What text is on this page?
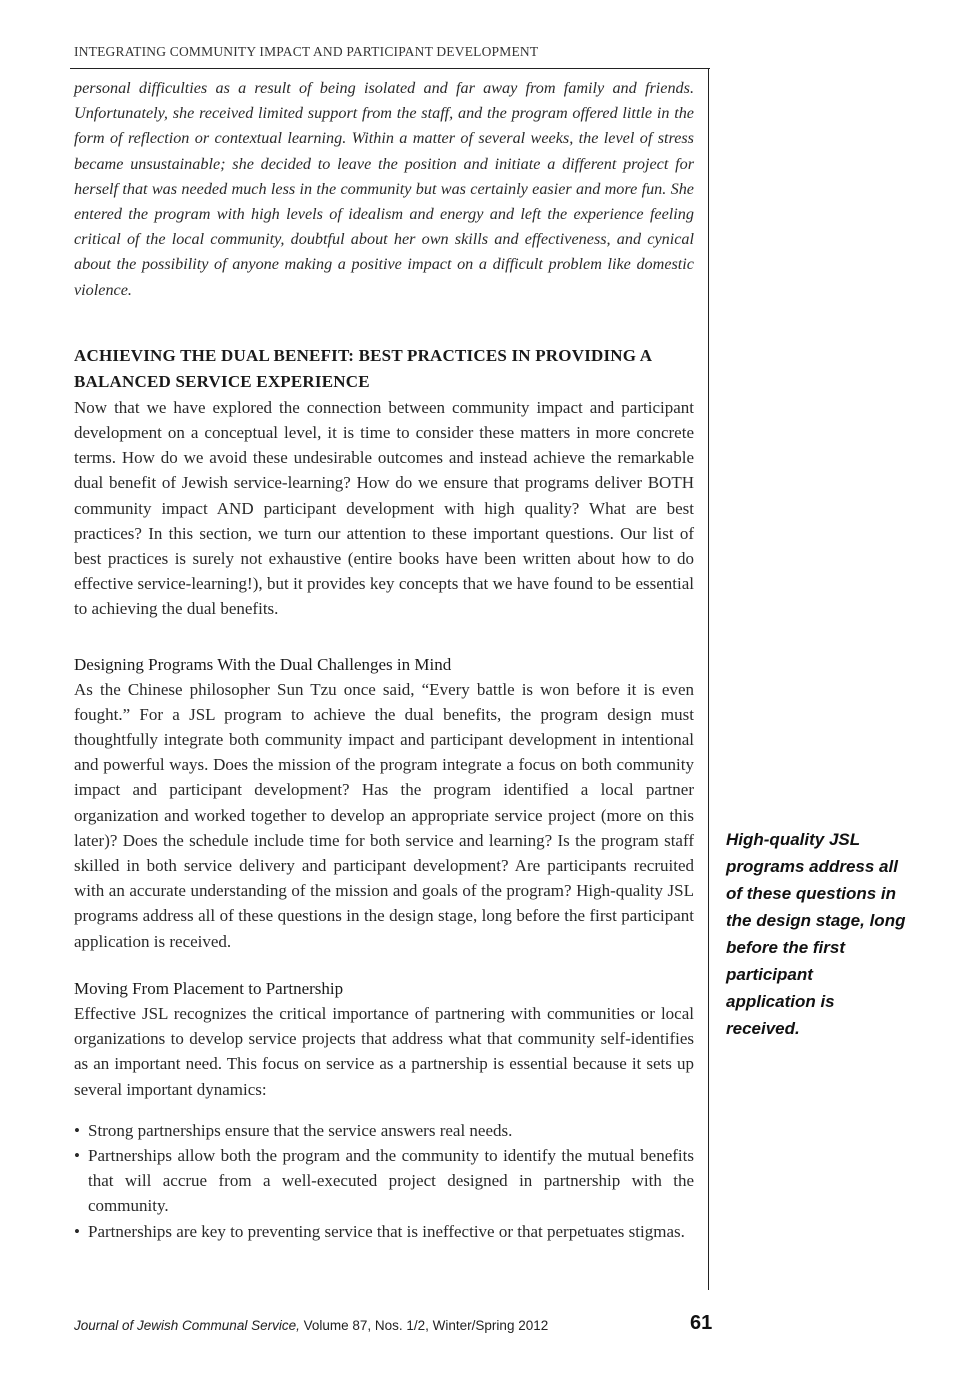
INTEGRATING COMMUNITY IMPACT AND PARTICIPANT DEVELOPMENT

personal difficulties as a result of being isolated and far away from family and friends. Unfortunately, she received limited support from the staff, and the program offered little in the form of reflection or contextual learning. Within a matter of several weeks, the level of stress became unsustainable; she decided to leave the position and initiate a different project for herself that was needed much less in the community but was certainly easier and more fun. She entered the program with high levels of idealism and energy and left the experience feeling critical of the local community, doubtful about her own skills and effectiveness, and cynical about the possibility of anyone making a positive impact on a difficult problem like domestic violence.

ACHIEVING THE DUAL BENEFIT: BEST PRACTICES IN PROVIDING A BALANCED SERVICE EXPERIENCE

Now that we have explored the connection between community impact and participant development on a conceptual level, it is time to consider these matters in more concrete terms. How do we avoid these undesirable outcomes and instead achieve the remarkable dual benefit of Jewish service-learning? How do we ensure that programs deliver BOTH community impact AND participant development with high quality? What are best practices? In this section, we turn our attention to these important questions. Our list of best practices is surely not exhaustive (entire books have been written about how to do effective service-learning!), but it provides key concepts that we have found to be essential to achieving the dual benefits.

Designing Programs With the Dual Challenges in Mind

As the Chinese philosopher Sun Tzu once said, “Every battle is won before it is even fought.” For a JSL program to achieve the dual benefits, the program design must thoughtfully integrate both community impact and participant development in intentional and powerful ways. Does the mission of the program integrate a focus on both community impact and participant development? Has the program identified a local partner organization and worked together to develop an appropriate service project (more on this later)? Does the schedule include time for both service and learning? Is the program staff skilled in both service delivery and participant development? Are participants recruited with an accurate understanding of the mission and goals of the program? High-quality JSL programs address all of these questions in the design stage, long before the first participant application is received.

Moving From Placement to Partnership

Effective JSL recognizes the critical importance of partnering with communities or local organizations to develop service projects that address what that community self-identifies as an important need. This focus on service as a partnership is essential because it sets up several important dynamics:

• Strong partnerships ensure that the service answers real needs.
• Partnerships allow both the program and the community to identify the mutual benefits that will accrue from a well-executed project designed in partnership with the community.
• Partnerships are key to preventing service that is ineffective or that perpetuates stigmas.
High-quality JSL programs address all of these questions in the design stage, long before the first participant application is received.
Journal of Jewish Communal Service, Volume 87, Nos. 1/2, Winter/Spring 2012	61
